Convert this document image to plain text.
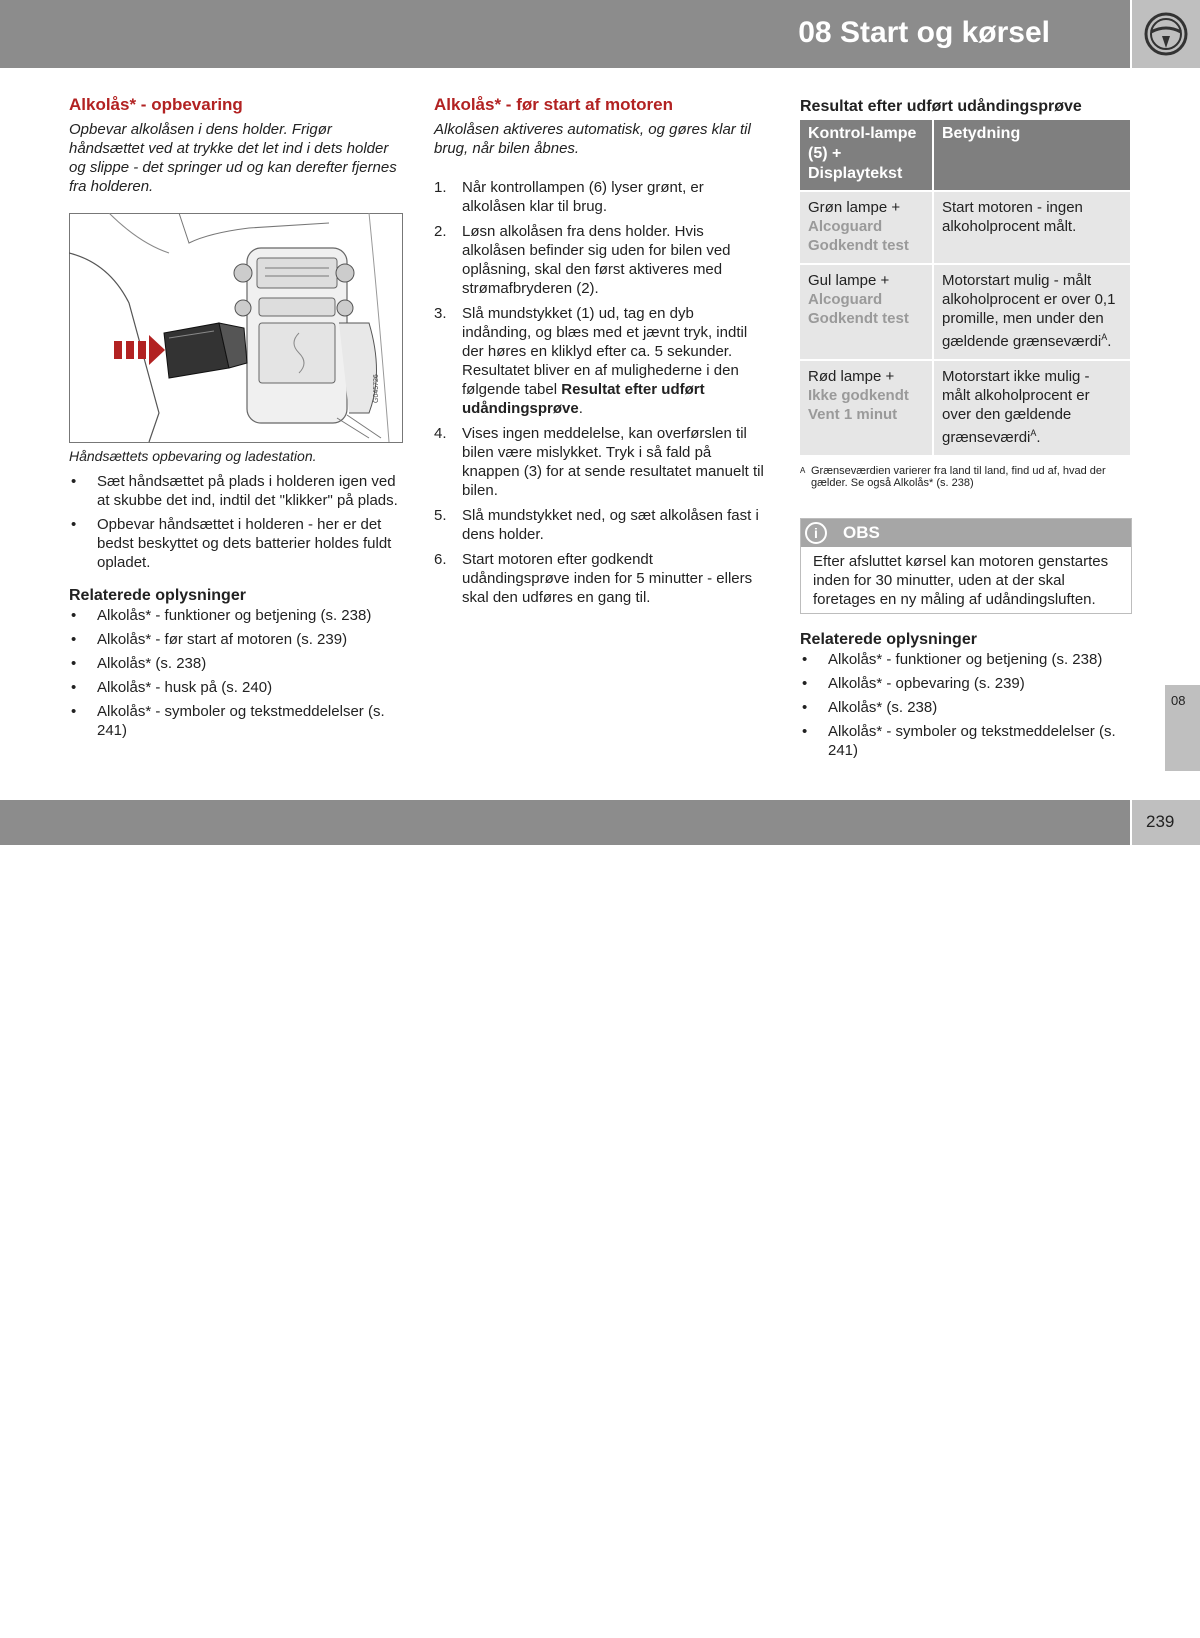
08 Start og kørsel
Alkolås* - opbevaring

Opbevar alkolåsen i dens holder. Frigør håndsættet ved at trykke det let ind i dets holder og slippe - det springer ud og kan derefter fjernes fra holderen.

G045726

Håndsættets opbevaring og ladestation.

• Sæt håndsættet på plads i holderen igen ved at skubbe det ind, indtil det "klikker" på plads.
• Opbevar håndsættet i holderen - her er det bedst beskyttet og dets batterier holdes fuldt opladet.
Relaterede oplysninger
• Alkolås* - funktioner og betjening (s. 238)
• Alkolås* - før start af motoren (s. 239)
• Alkolås* (s. 238)
• Alkolås* - husk på (s. 240)
• Alkolås* - symboler og tekstmeddelelser (s. 241)
Alkolås* - før start af motoren

Alkolåsen aktiveres automatisk, og gøres klar til brug, når bilen åbnes.

1. Når kontrollampen (6) lyser grønt, er alkolåsen klar til brug.
2. Løsn alkolåsen fra dens holder. Hvis alkolåsen befinder sig uden for bilen ved oplåsning, skal den først aktiveres med strømafbryderen (2).
3. Slå mundstykket (1) ud, tag en dyb indånding, og blæs med et jævnt tryk, indtil der høres en kliklyd efter ca. 5 sekunder. Resultatet bliver en af mulighederne i den følgende tabel Resultat efter udført udåndingsprøve.
4. Vises ingen meddelelse, kan overførslen til bilen være mislykket. Tryk i så fald på knappen (3) for at sende resultatet manuelt til bilen.
5. Slå mundstykket ned, og sæt alkolåsen fast i dens holder.
6. Start motoren efter godkendt udåndingsprøve inden for 5 minutter - ellers skal den udføres en gang til.
Resultat efter udført udåndingsprøve
Kontrol-lampe (5) + Displaytekst	Betydning
Grøn lampe +
Alcoguard
Godkendt test	Start motoren - ingen alkoholprocent målt.
Gul lampe +
Alcoguard
Godkendt test	Motorstart mulig - målt alkoholprocent er over 0,1 promille, men under den gældende grænseværdi$^A$.
Rød lampe +
Ikke godkendt
Vent 1 minut	Motorstart ikke mulig - målt alkoholprocent er over den gældende grænseværdi$^A$.
A Grænseværdien varierer fra land til land, find ud af, hvad der gælder. Se også Alkolås* (s. 238)
i	OBS
Efter afsluttet kørsel kan motoren genstartes inden for 30 minutter, uden at der skal foretages en ny måling af udåndingsluften.
Relaterede oplysninger
• Alkolås* - funktioner og betjening (s. 238)
• Alkolås* - opbevaring (s. 239)
• Alkolås* (s. 238)
• Alkolås* - symboler og tekstmeddelelser (s. 241)
08
* Ekstraudstyr/tilbehør. Se Indledning for nærmere enkeltheder.
239
